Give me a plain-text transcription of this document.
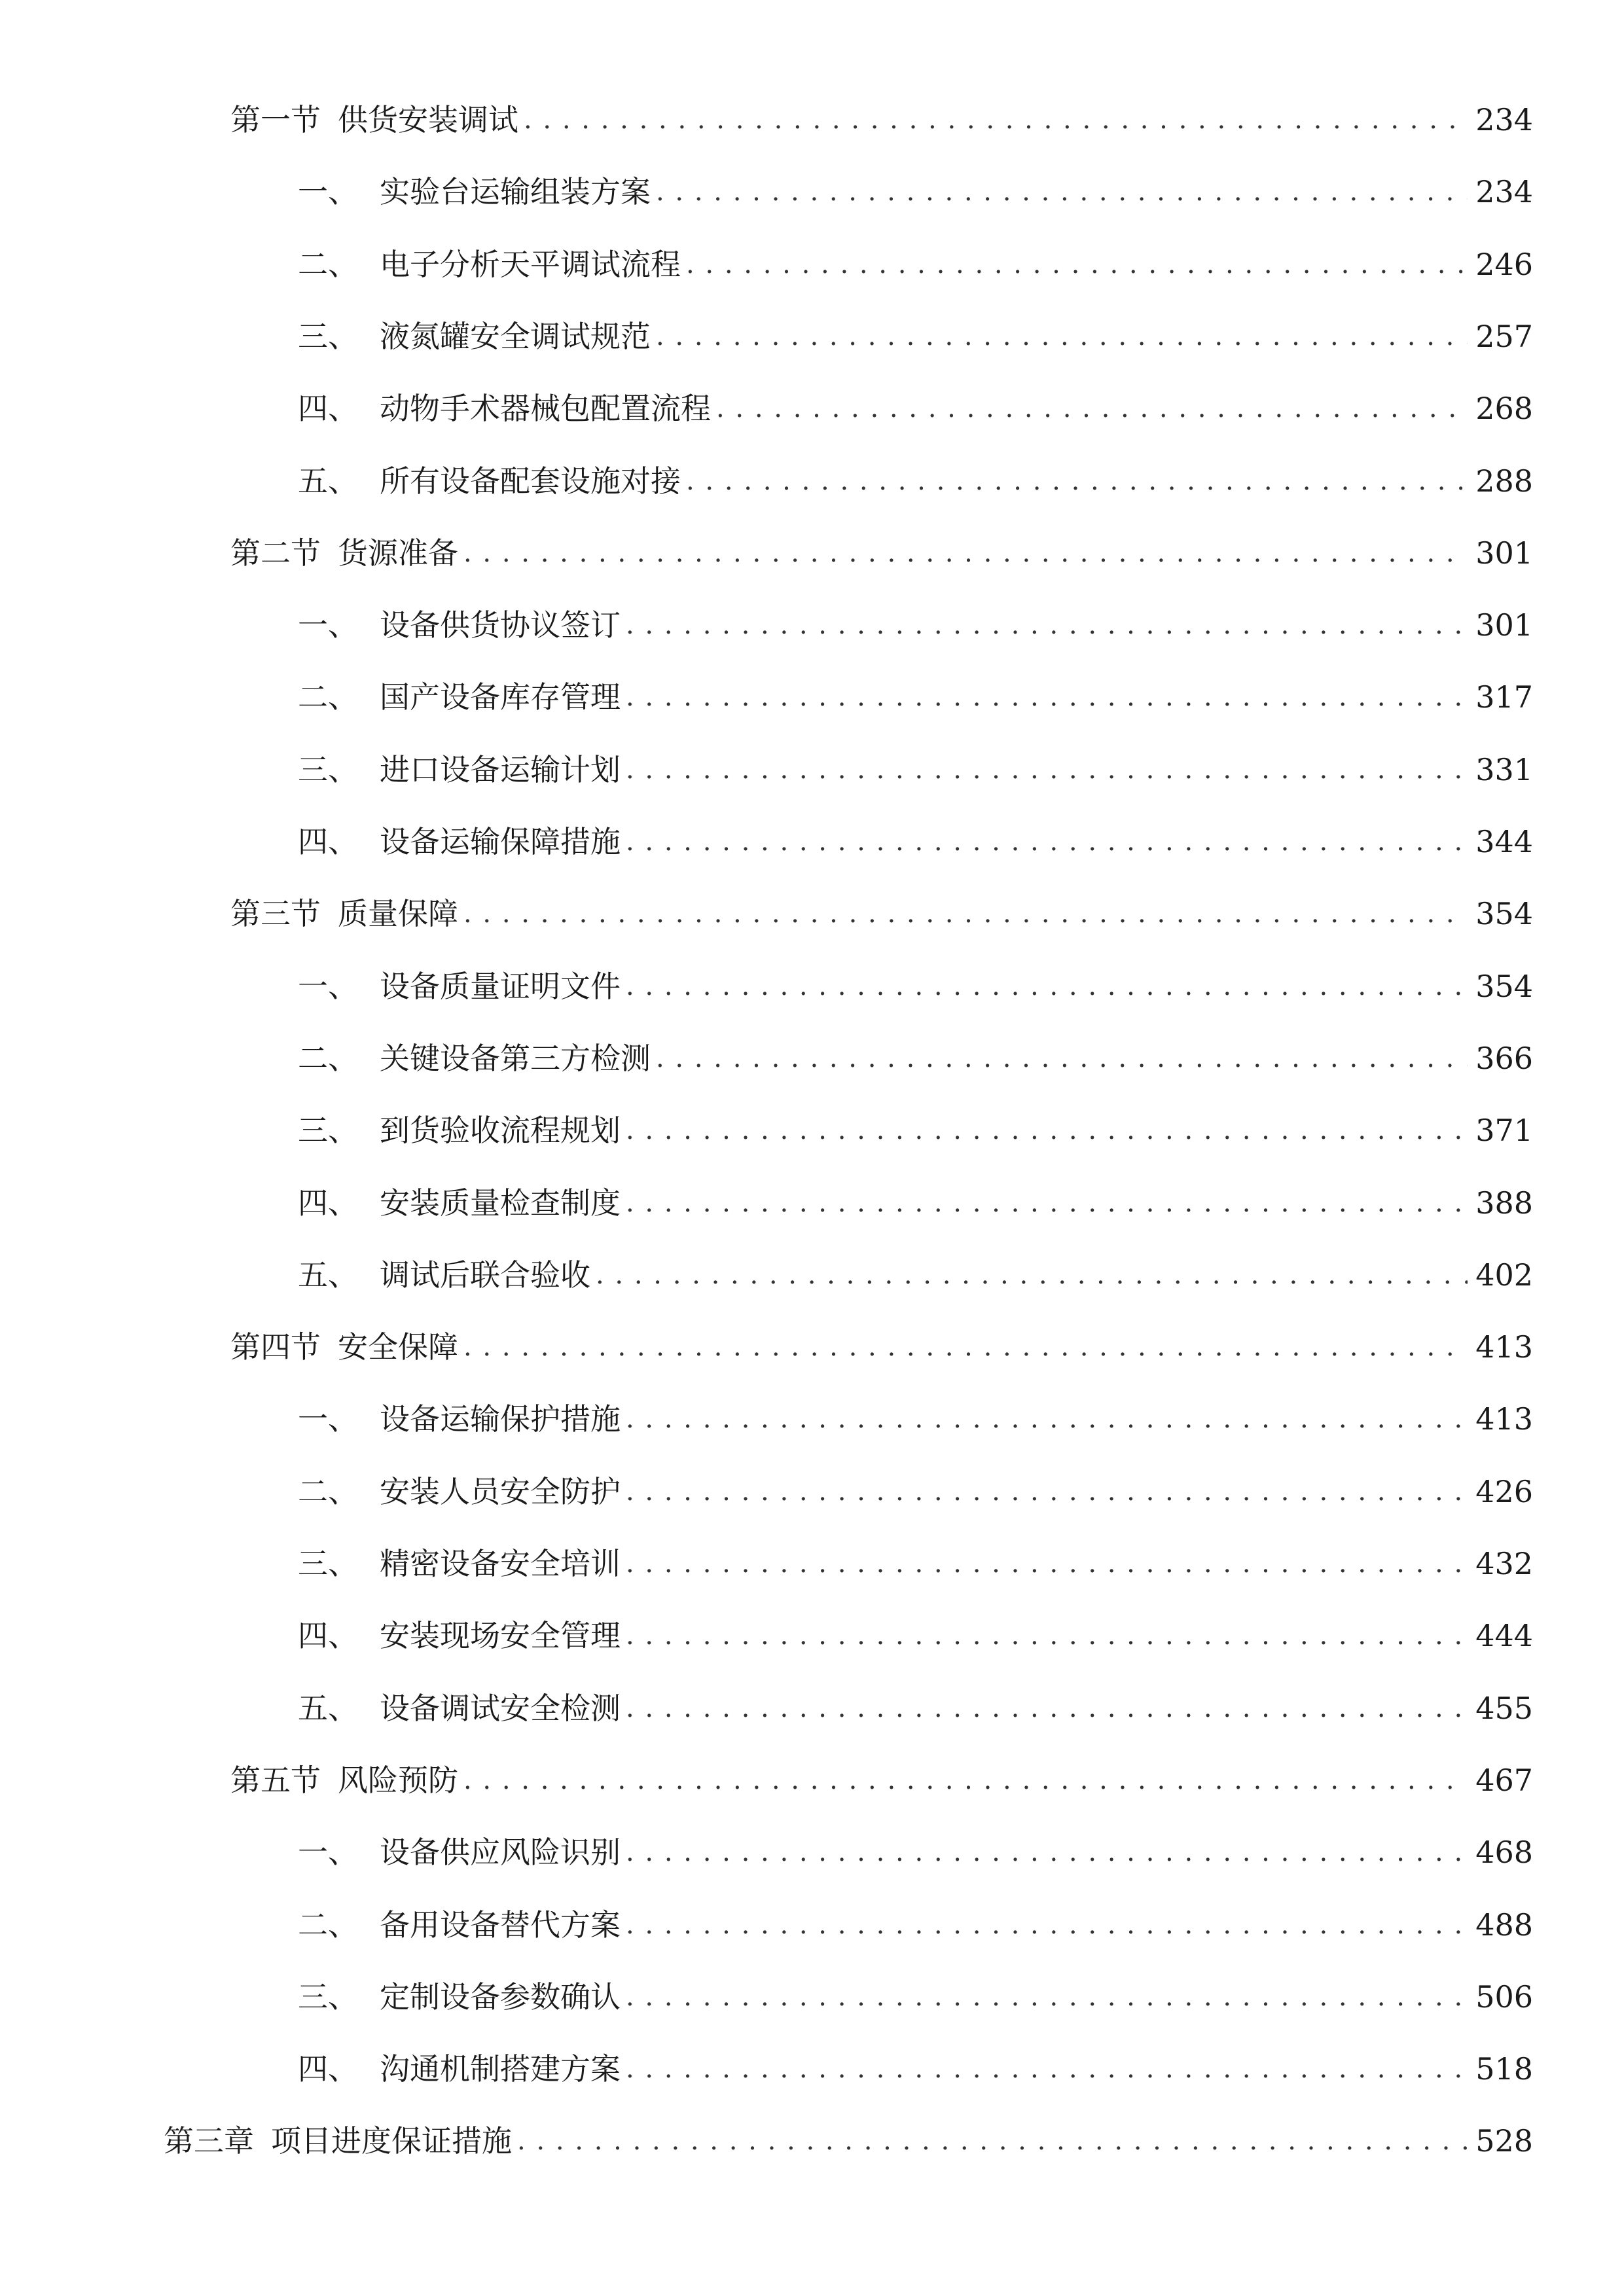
第一节 供货安装调试 . . .	234
一、 实验台运输组装方案 . . .	234
二、 电子分析天平调试流程 . . .	246
三、 液氮罐安全调试规范 . . .	257
四、 动物手术器械包配置流程 . . .	268
五、 所有设备配套设施对接 . . .	288
第二节 货源准备 . . .	301
一、 设备供货协议签订 . . .	301
二、 国产设备库存管理 . . .	317
三、 进口设备运输计划 . . .	331
四、 设备运输保障措施 . . .	344
第三节 质量保障 . . .	354
一、 设备质量证明文件 . . .	354
二、 关键设备第三方检测 . . .	366
三、 到货验收流程规划 . . .	371
四、 安装质量检查制度 . . .	388
五、 调试后联合验收 . . .	402
第四节 安全保障 . . .	413
一、 设备运输保护措施 . . .	413
二、 安装人员安全防护 . . .	426
三、 精密设备安全培训 . . .	432
四、 安装现场安全管理 . . .	444
五、 设备调试安全检测 . . .	455
第五节 风险预防 . . .	467
一、 设备供应风险识别 . . .	468
二、 备用设备替代方案 . . .	488
三、 定制设备参数确认 . . .	506
四、 沟通机制搭建方案 . . .	518
第三章 项目进度保证措施 . . .	528
